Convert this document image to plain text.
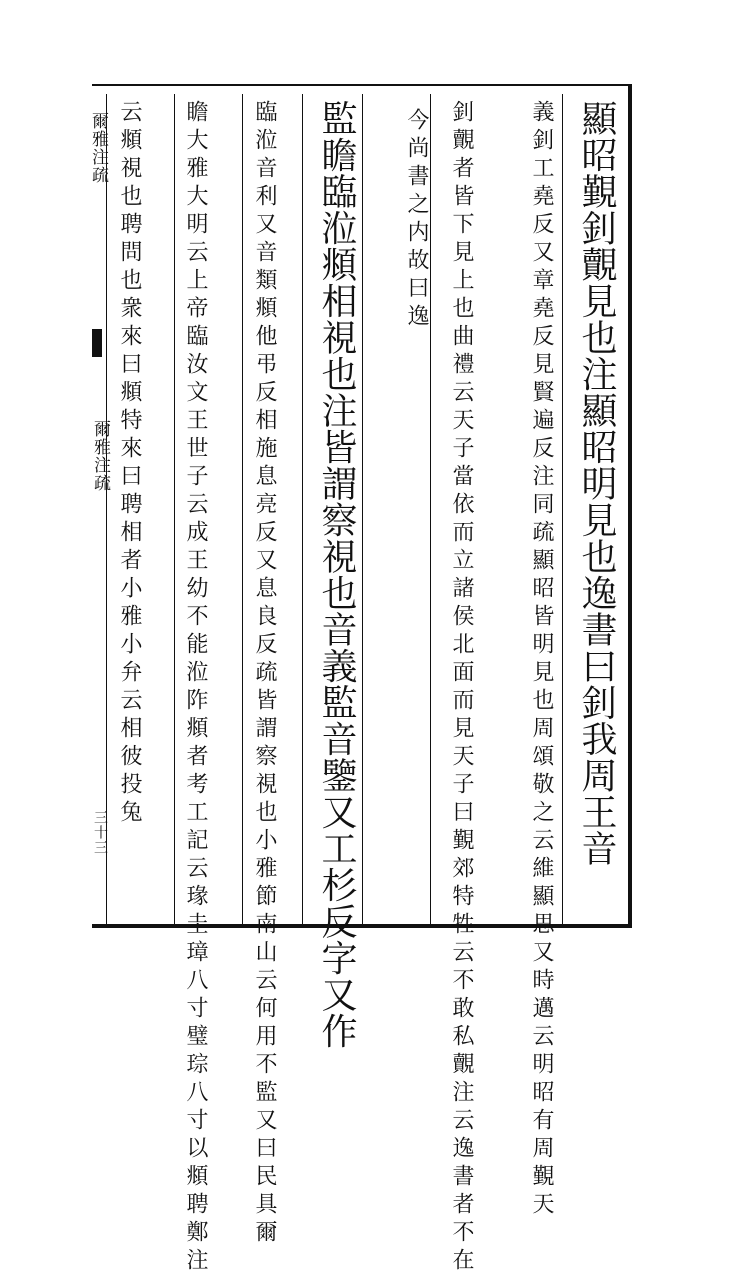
顯昭覲釗覿見也注顯昭明見也逸書曰釗我周王音
義釗工堯反又章堯反見賢遍反注同疏顯昭皆明見也周頌敬之云維顯思又時邁云明昭有周覲天
釗覿者皆下見上也曲禮云天子當依而立諸侯北面而見天子曰覲郊特牲云不敢私覿注云逸書者不在
今尚書之内故曰逸
監瞻臨涖頫相視也注皆謂察視也音義監音鑒又工杉反字又作
臨涖音利又音類頫他弔反相施息亮反又息良反疏皆謂察視也小雅節南山云何用不監又曰民具爾
瞻大雅大明云上帝臨汝文王世子云成王幼不能涖阼頫者考工記云瑑圭璋八寸璧琮八寸以頫聘鄭注
云頫視也聘問也衆來曰頫特來曰聘相者小雅小弁云相彼投兔
爾雅注疏
爾雅注疏
三十三
